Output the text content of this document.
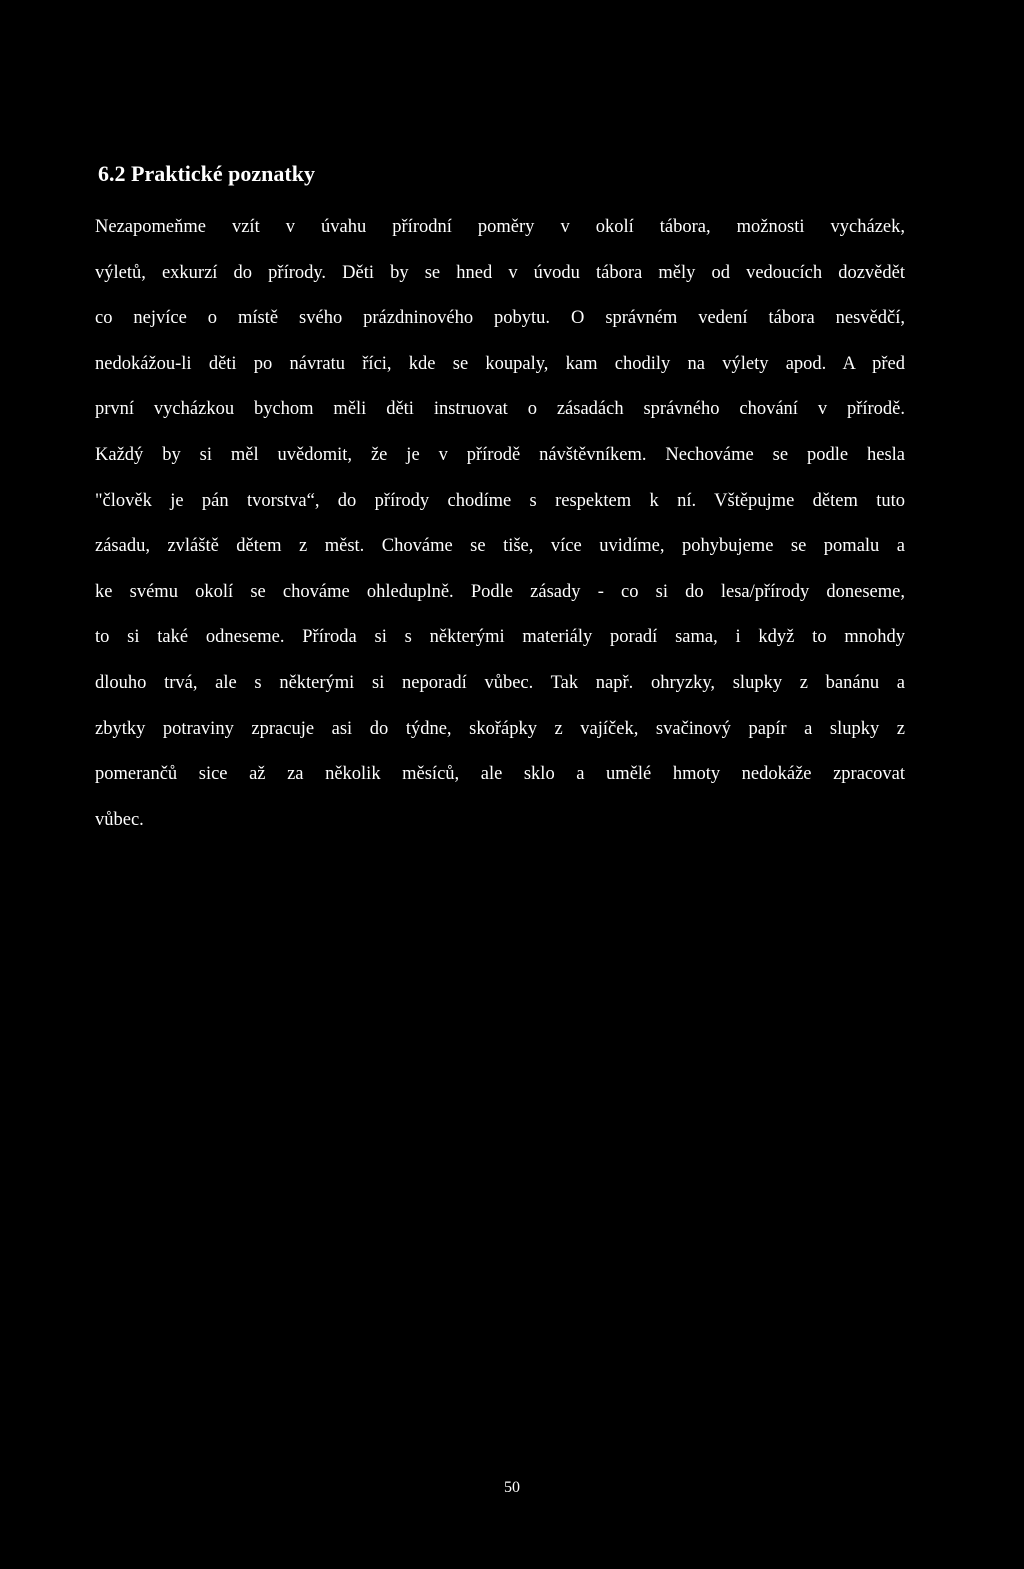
6.2 Praktické poznatky
Nezapomeňme vzít v úvahu přírodní poměry v okolí tábora, možnosti vycházek,
výletů, exkurzí do přírody. Děti by se hned v úvodu tábora měly od vedoucích dozvědět
co nejvíce o místě svého prázdninového pobytu. O správném vedení tábora nesvědčí,
nedokážou-li děti po návratu říci, kde se koupaly, kam chodily na výlety apod. A před
první vycházkou bychom měli děti instruovat o zásadách správného chování v přírodě.
Každý by si měl uvědomit, že je v přírodě návštěvníkem. Nechováme se podle hesla
"člověk je pán tvorstva“, do přírody chodíme s respektem k ní. Vštěpujme dětem tuto
zásadu, zvláště dětem z měst. Chováme se tiše, více uvidíme, pohybujeme se pomalu a
ke svému okolí se chováme ohleduplně. Podle zásady - co si do lesa/přírody doneseme,
to si také odneseme. Příroda si s některými materiály poradí sama, i když to mnohdy
dlouho trvá, ale s některými si neporadí vůbec. Tak např. ohryzky, slupky z banánu a
zbytky potraviny zpracuje asi do týdne, skořápky z vajíček, svačinový papír a slupky z
pomerančů sice až za několik měsíců, ale sklo a umělé hmoty nedokáže zpracovat
vůbec.
50
